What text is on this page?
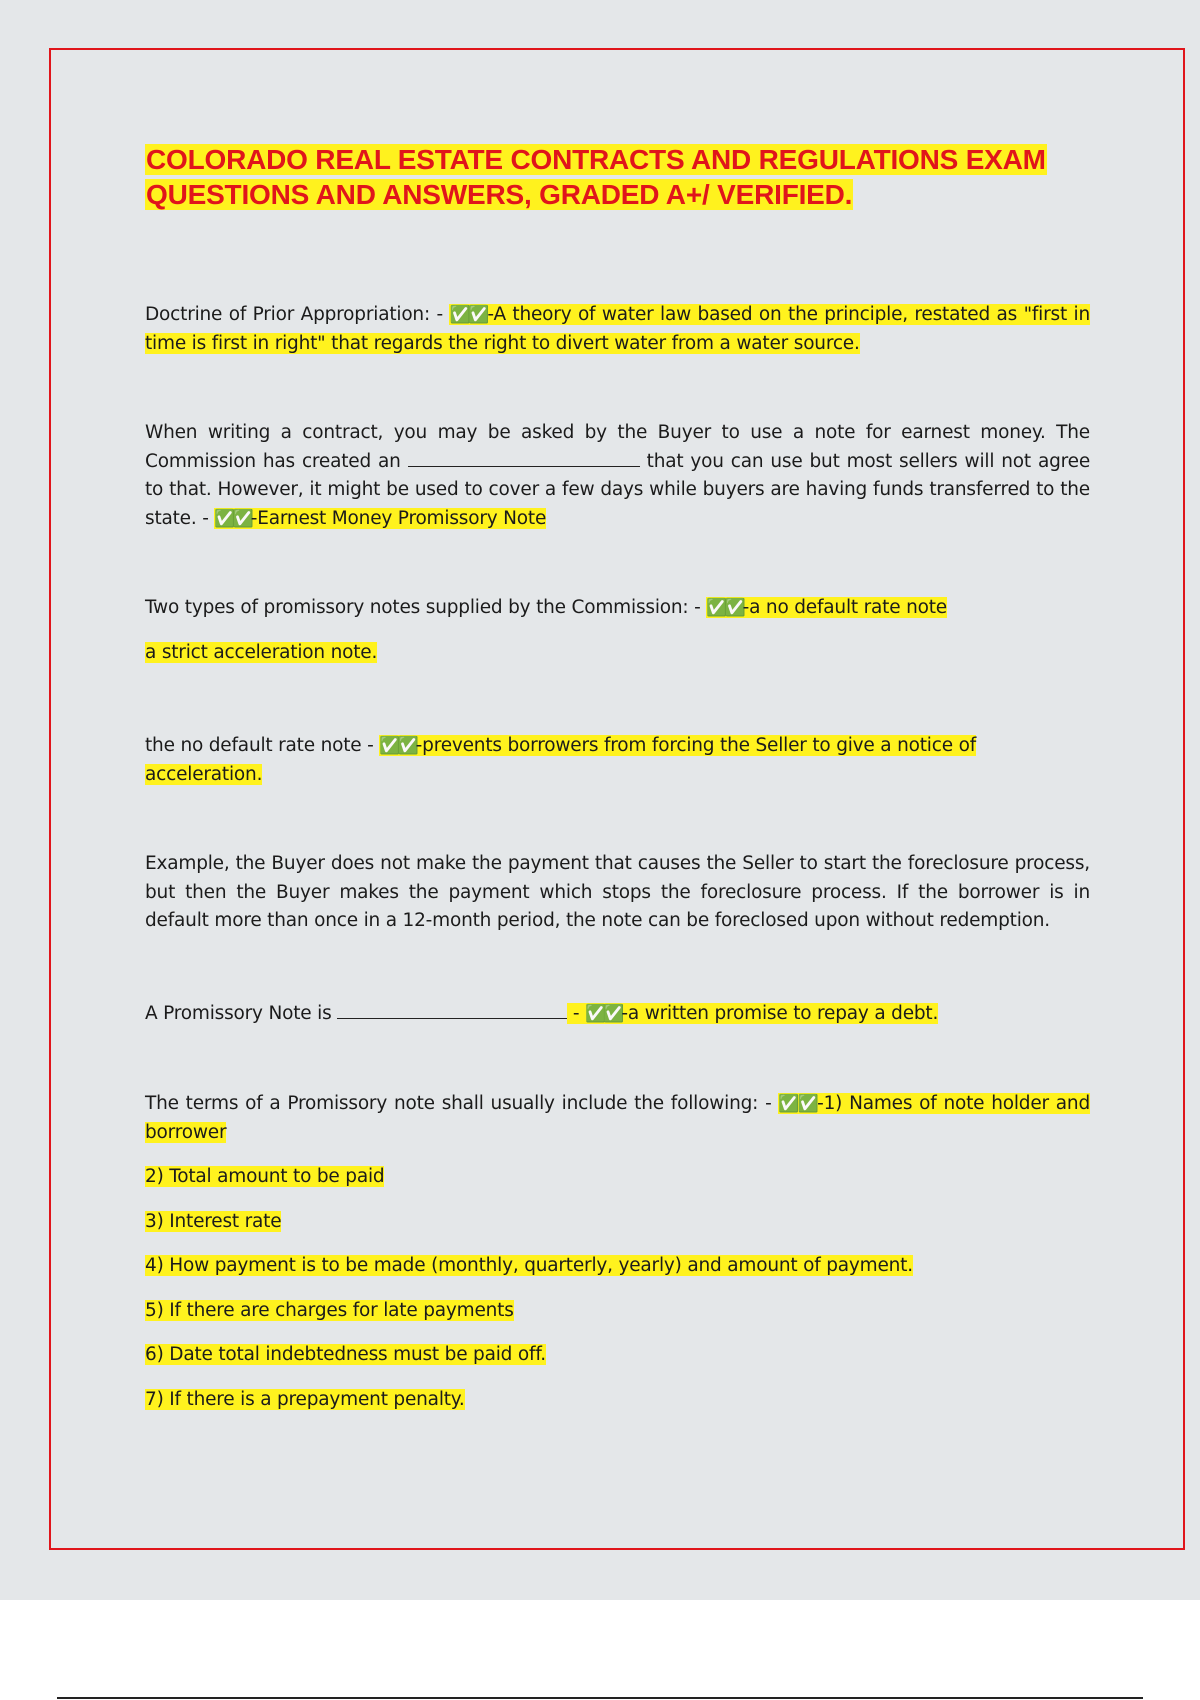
COLORADO REAL ESTATE CONTRACTS AND REGULATIONS EXAM
QUESTIONS AND ANSWERS, GRADED A+/ VERIFIED.

Doctrine of Prior Appropriation: - ✅✅-A theory of water law based on the principle, restated as "first in time is first in right" that regards the right to divert water from a water source.

When writing a contract, you may be asked by the Buyer to use a note for earnest money. The Commission has created an	that you can use but most sellers will not agree to that. However, it might be used to cover a few days while buyers are having funds transferred to the state. - ✅✅-Earnest Money Promissory Note

Two types of promissory notes supplied by the Commission: - ✅✅-a no default rate note

a strict acceleration note.

the no default rate note - ✅✅-prevents borrowers from forcing the Seller to give a notice of acceleration.

Example, the Buyer does not make the payment that causes the Seller to start the foreclosure process, but then the Buyer makes the payment which stops the foreclosure process. If the borrower is in default more than once in a 12-month period, the note can be foreclosed upon without redemption.

A Promissory Note is	- ✅✅-a written promise to repay a debt.

The terms of a Promissory note shall usually include the following: - ✅✅-1) Names of note holder and borrower

2) Total amount to be paid

3) Interest rate

4) How payment is to be made (monthly, quarterly, yearly) and amount of payment.

5) If there are charges for late payments

6) Date total indebtedness must be paid off.

7) If there is a prepayment penalty.
